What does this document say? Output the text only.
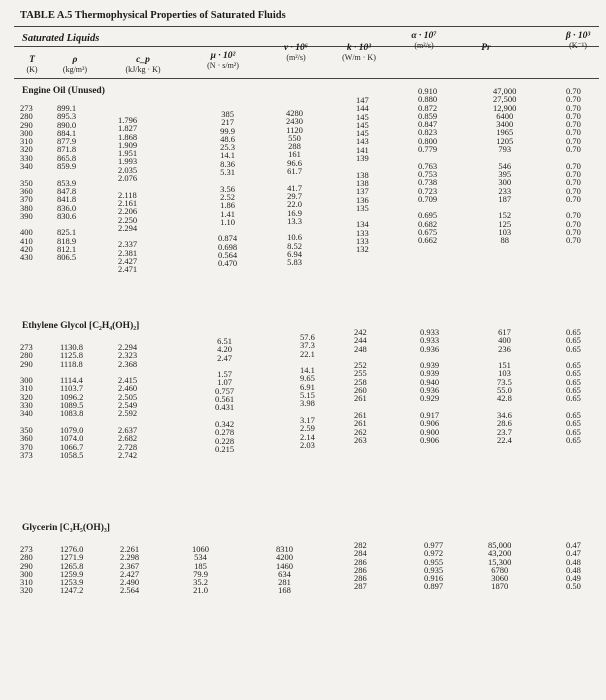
TABLE A.5 Thermophysical Properties of Saturated Fluids
Saturated Liquids
T
(K)
ρ
(kg/m³)
c_p
(kJ/kg · K)
μ · 10²
(N · s/m²)
ν · 10⁶
(m²/s)
k · 10³
(W/m · K)
α · 10⁷
(m²/s)	Pr
β · 10³
(K⁻¹)
Engine Oil (Unused)
273
280
290
300
310
320
330
340

350
360
370
380
390

400
410
420
430
899.1
895.3
890.0
884.1
877.9
871.8
865.8
859.9

853.9
847.8
841.8
836.0
830.6

825.1
818.9
812.1
806.5
1.796
1.827
1.868
1.909
1.951
1.993
2.035
2.076

2.118
2.161
2.206
2.250
2.294

2.337
2.381
2.427
2.471
385
217
99.9
48.6
25.3
14.1
8.36
5.31

3.56
2.52
1.86
1.41
1.10

0.874
0.698
0.564
0.470
4280
2430
1120
550
288
161
96.6
61.7

41.7
29.7
22.0
16.9
13.3

10.6
8.52
6.94
5.83
147
144
145
145
145
143
141
139

138
138
137
136
135

134
133
133
132
0.910
0.880
0.872
0.859
0.847
0.823
0.800
0.779

0.763
0.753
0.738
0.723
0.709

0.695
0.682
0.675
0.662
47,000
27,500
12,900
6400
3400
1965
1205
793

546
395
300
233
187

152
125
103
88
0.70
0.70
0.70
0.70
0.70
0.70
0.70
0.70

0.70
0.70
0.70
0.70
0.70

0.70
0.70
0.70
0.70
Ethylene Glycol [C₂H₄(OH)₂]
273
280
290

300
310
320
330
340

350
360
370
373
1130.8
1125.8
1118.8

1114.4
1103.7
1096.2
1089.5
1083.8

1079.0
1074.0
1066.7
1058.5
2.294
2.323
2.368

2.415
2.460
2.505
2.549
2.592

2.637
2.682
2.728
2.742
6.51
4.20
2.47

1.57
1.07
0.757
0.561
0.431

0.342
0.278
0.228
0.215
57.6
37.3
22.1

14.1
9.65
6.91
5.15
3.98

3.17
2.59
2.14
2.03
242
244
248

252
255
258
260
261

261
261
262
263
0.933
0.933
0.936

0.939
0.939
0.940
0.936
0.929

0.917
0.906
0.900
0.906
617
400
236

151
103
73.5
55.0
42.8

34.6
28.6
23.7
22.4
0.65
0.65
0.65

0.65
0.65
0.65
0.65
0.65

0.65
0.65
0.65
0.65
Glycerin [C₃H₅(OH)₃]
273
280
290
300
310
320
1276.0
1271.9
1265.8
1259.9
1253.9
1247.2
2.261
2.298
2.367
2.427
2.490
2.564
1060
534
185
79.9
35.2
21.0
8310
4200
1460
634
281
168
282
284
286
286
286
287
0.977
0.972
0.955
0.935
0.916
0.897
85,000
43,200
15,300
6780
3060
1870
0.47
0.47
0.48
0.48
0.49
0.50
